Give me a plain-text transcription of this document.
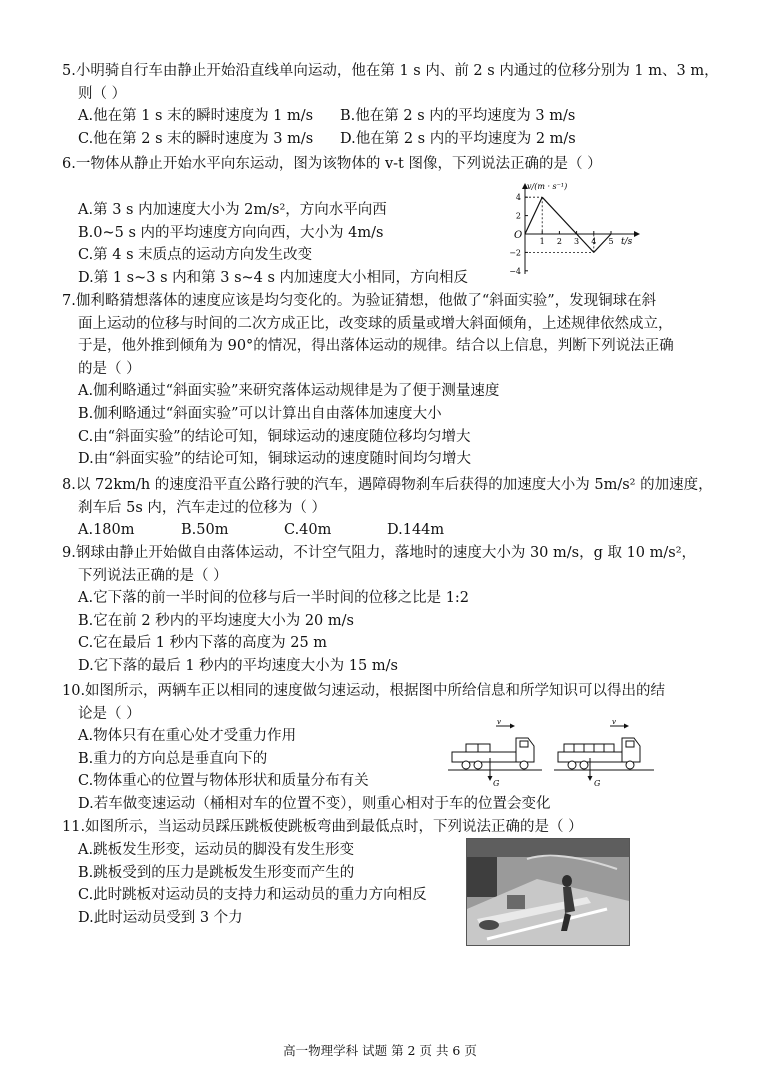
5.小明骑自行车由静止开始沿直线单向运动，他在第 1 s 内、前 2 s 内通过的位移分别为 1 m、3 m，
则（ ）
A.他在第 1 s 末的瞬时速度为 1 m/s	B.他在第 2 s 内的平均速度为 3 m/s
C.他在第 2 s 末的瞬时速度为 3 m/s	D.他在第 2 s 内的平均速度为 2 m/s
6.一物体从静止开始水平向东运动，图为该物体的 v-t 图像，下列说法正确的是（ ）
A.第 3 s 内加速度大小为 2m/s²，方向水平向西
B.0~5 s 内的平均速度方向向西，大小为 4m/s
C.第 4 s 末质点的运动方向发生改变
D.第 1 s~3 s 内和第 3 s~4 s 内加速度大小相同，方向相反
v/(m · s⁻¹)
t/s
O
4
2
−2
−4
1 2 3 4 5
7.伽利略猜想落体的速度应该是均匀变化的。为验证猜想，他做了“斜面实验”，发现铜球在斜
面上运动的位移与时间的二次方成正比，改变球的质量或增大斜面倾角，上述规律依然成立，
于是，他外推到倾角为 90°的情况，得出落体运动的规律。结合以上信息，判断下列说法正确
的是（ ）
A.伽利略通过“斜面实验”来研究落体运动规律是为了便于测量速度
B.伽利略通过“斜面实验”可以计算出自由落体加速度大小
C.由“斜面实验”的结论可知，铜球运动的速度随位移均匀增大
D.由“斜面实验”的结论可知，铜球运动的速度随时间均匀增大
8.以 72km/h 的速度沿平直公路行驶的汽车，遇障碍物刹车后获得的加速度大小为 5m/s² 的加速度，
刹车后 5s 内，汽车走过的位移为（ ）
A.180m	B.50m	C.40m	D.144m
9.钢球由静止开始做自由落体运动，不计空气阻力，落地时的速度大小为 30 m/s，g 取 10 m/s²，
下列说法正确的是（ ）
A.它下落的前一半时间的位移与后一半时间的位移之比是 1:2
B.它在前 2 秒内的平均速度大小为 20 m/s
C.它在最后 1 秒内下落的高度为 25 m
D.它下落的最后 1 秒内的平均速度大小为 15 m/s
10.如图所示，两辆车正以相同的速度做匀速运动，根据图中所给信息和所学知识可以得出的结
论是（ ）
A.物体只有在重心处才受重力作用
B.重力的方向总是垂直向下的
C.物体重心的位置与物体形状和质量分布有关
D.若车做变速运动（桶相对车的位置不变），则重心相对于车的位置会变化
v
G
v
G
11.如图所示，当运动员踩压跳板使跳板弯曲到最低点时，下列说法正确的是（ ）
A.跳板发生形变，运动员的脚没有发生形变
B.跳板受到的压力是跳板发生形变而产生的
C.此时跳板对运动员的支持力和运动员的重力方向相反
D.此时运动员受到 3 个力
高一物理学科 试题 第 2 页 共 6 页
